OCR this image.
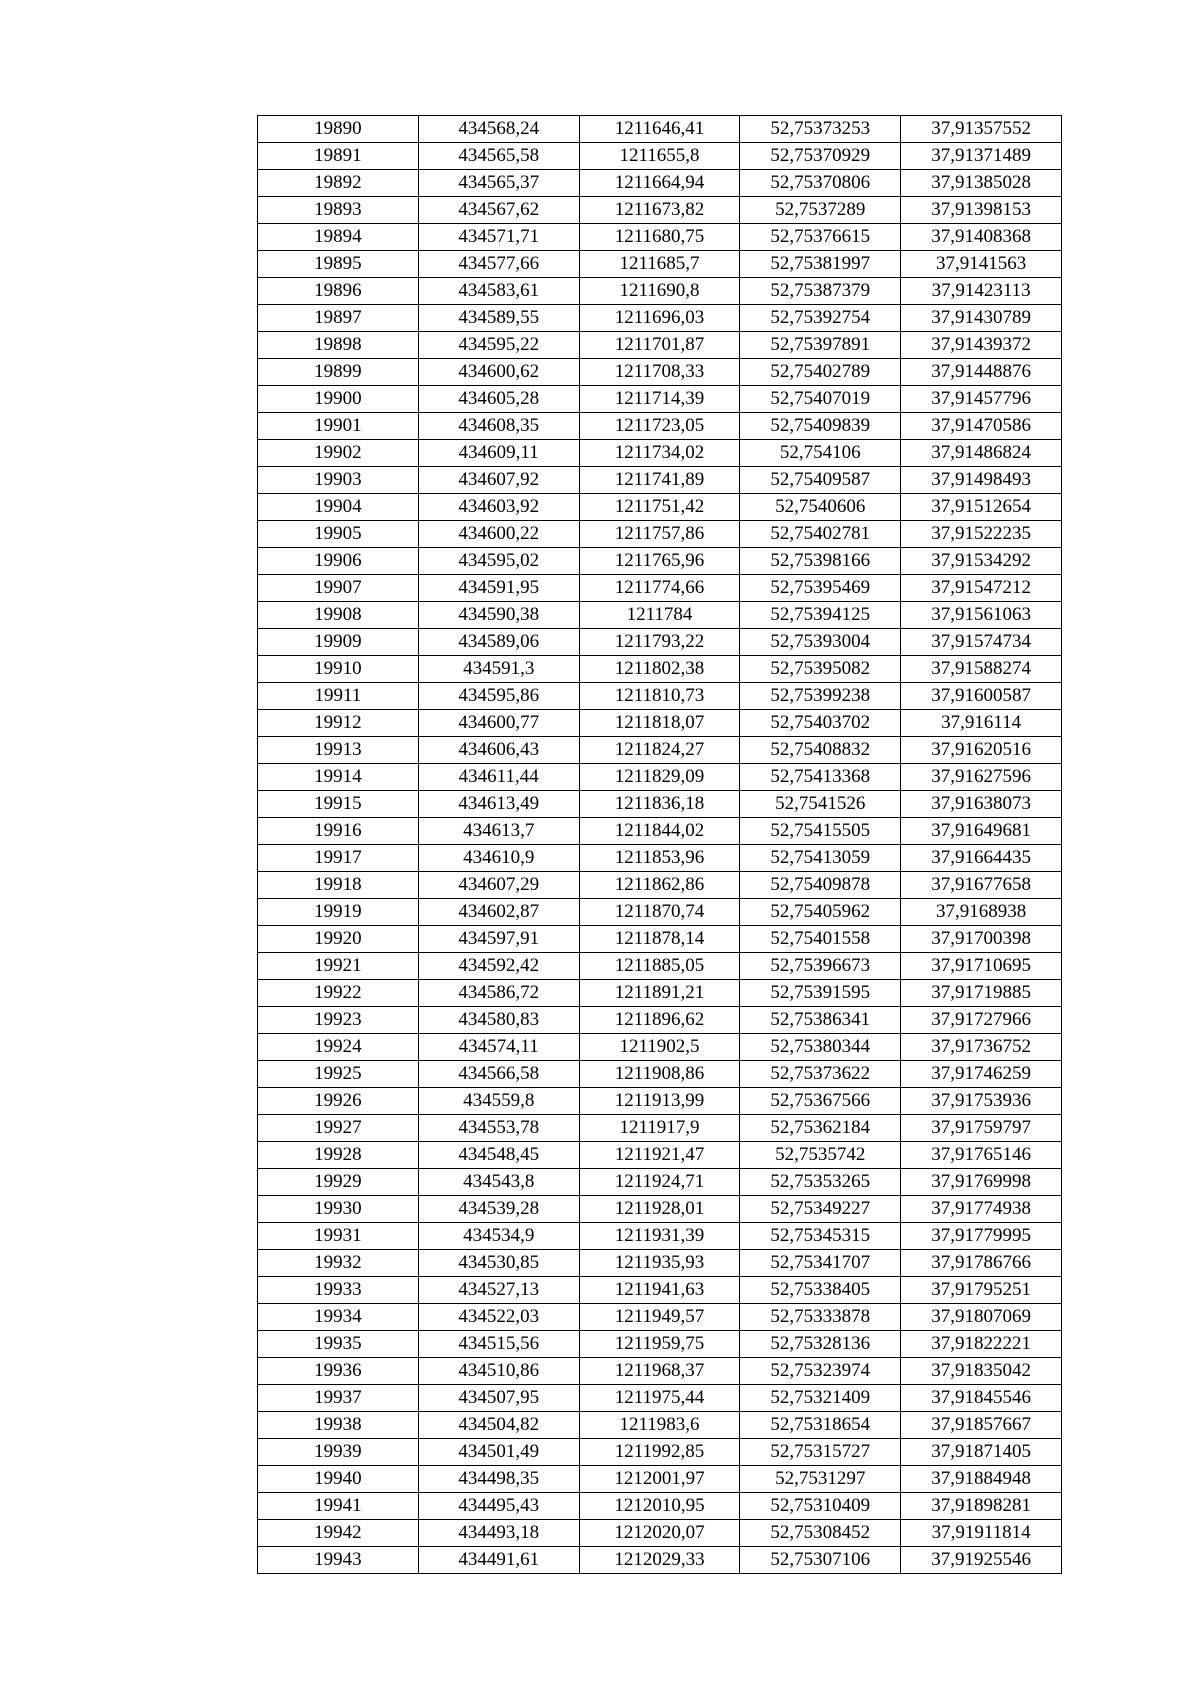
19890	434568,24	1211646,41	52,75373253	37,91357552
19891	434565,58	1211655,8	52,75370929	37,91371489
19892	434565,37	1211664,94	52,75370806	37,91385028
19893	434567,62	1211673,82	52,7537289	37,91398153
19894	434571,71	1211680,75	52,75376615	37,91408368
19895	434577,66	1211685,7	52,75381997	37,9141563
19896	434583,61	1211690,8	52,75387379	37,91423113
19897	434589,55	1211696,03	52,75392754	37,91430789
19898	434595,22	1211701,87	52,75397891	37,91439372
19899	434600,62	1211708,33	52,75402789	37,91448876
19900	434605,28	1211714,39	52,75407019	37,91457796
19901	434608,35	1211723,05	52,75409839	37,91470586
19902	434609,11	1211734,02	52,754106	37,91486824
19903	434607,92	1211741,89	52,75409587	37,91498493
19904	434603,92	1211751,42	52,7540606	37,91512654
19905	434600,22	1211757,86	52,75402781	37,91522235
19906	434595,02	1211765,96	52,75398166	37,91534292
19907	434591,95	1211774,66	52,75395469	37,91547212
19908	434590,38	1211784	52,75394125	37,91561063
19909	434589,06	1211793,22	52,75393004	37,91574734
19910	434591,3	1211802,38	52,75395082	37,91588274
19911	434595,86	1211810,73	52,75399238	37,91600587
19912	434600,77	1211818,07	52,75403702	37,916114
19913	434606,43	1211824,27	52,75408832	37,91620516
19914	434611,44	1211829,09	52,75413368	37,91627596
19915	434613,49	1211836,18	52,7541526	37,91638073
19916	434613,7	1211844,02	52,75415505	37,91649681
19917	434610,9	1211853,96	52,75413059	37,91664435
19918	434607,29	1211862,86	52,75409878	37,91677658
19919	434602,87	1211870,74	52,75405962	37,9168938
19920	434597,91	1211878,14	52,75401558	37,91700398
19921	434592,42	1211885,05	52,75396673	37,91710695
19922	434586,72	1211891,21	52,75391595	37,91719885
19923	434580,83	1211896,62	52,75386341	37,91727966
19924	434574,11	1211902,5	52,75380344	37,91736752
19925	434566,58	1211908,86	52,75373622	37,91746259
19926	434559,8	1211913,99	52,75367566	37,91753936
19927	434553,78	1211917,9	52,75362184	37,91759797
19928	434548,45	1211921,47	52,7535742	37,91765146
19929	434543,8	1211924,71	52,75353265	37,91769998
19930	434539,28	1211928,01	52,75349227	37,91774938
19931	434534,9	1211931,39	52,75345315	37,91779995
19932	434530,85	1211935,93	52,75341707	37,91786766
19933	434527,13	1211941,63	52,75338405	37,91795251
19934	434522,03	1211949,57	52,75333878	37,91807069
19935	434515,56	1211959,75	52,75328136	37,91822221
19936	434510,86	1211968,37	52,75323974	37,91835042
19937	434507,95	1211975,44	52,75321409	37,91845546
19938	434504,82	1211983,6	52,75318654	37,91857667
19939	434501,49	1211992,85	52,75315727	37,91871405
19940	434498,35	1212001,97	52,7531297	37,91884948
19941	434495,43	1212010,95	52,75310409	37,91898281
19942	434493,18	1212020,07	52,75308452	37,91911814
19943	434491,61	1212029,33	52,75307106	37,91925546
